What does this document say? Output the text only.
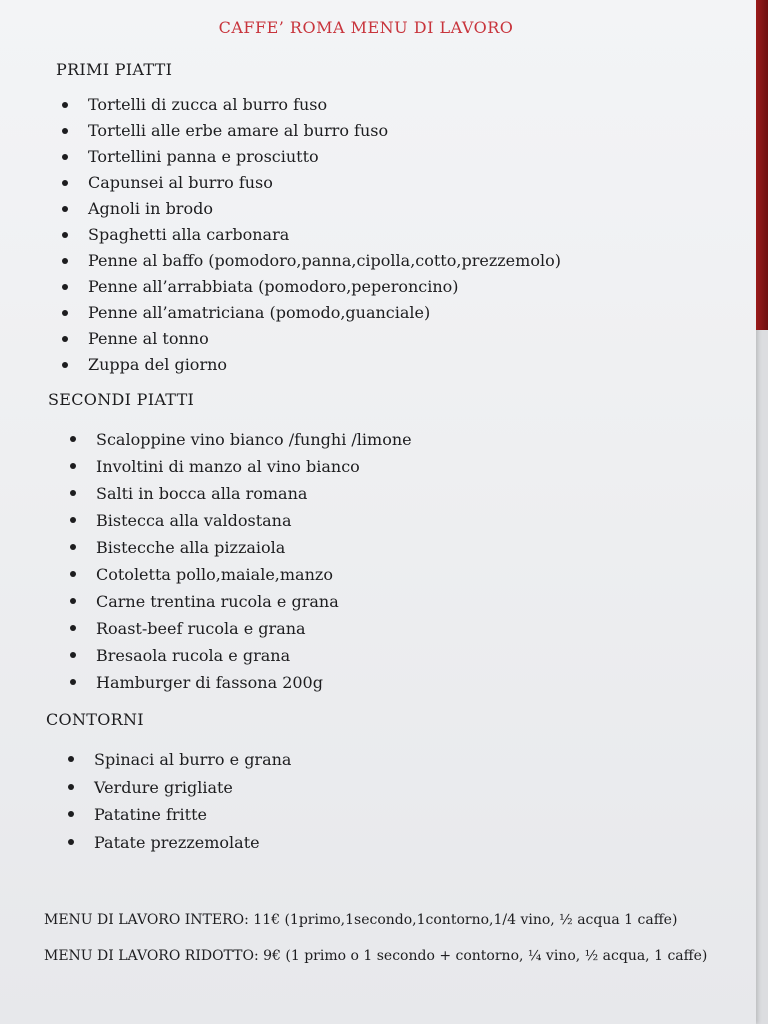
CAFFE’ ROMA MENU DI LAVORO
PRIMI PIATTI
Tortelli di zucca al burro fuso
Tortelli alle erbe amare al burro fuso
Tortellini panna e prosciutto
Capunsei al burro fuso
Agnoli in brodo
Spaghetti alla carbonara
Penne al baffo (pomodoro,panna,cipolla,cotto,prezzemolo)
Penne all’arrabbiata (pomodoro,peperoncino)
Penne all’amatriciana (pomodo,guanciale)
Penne al tonno
Zuppa del giorno
SECONDI PIATTI
Scaloppine vino bianco /funghi /limone
Involtini di manzo al vino bianco
Salti in bocca alla romana
Bistecca alla valdostana
Bistecche alla pizzaiola
Cotoletta pollo,maiale,manzo
Carne trentina rucola e grana
Roast-beef rucola e grana
Bresaola rucola e grana
Hamburger di fassona 200g
CONTORNI
Spinaci al burro e grana
Verdure grigliate
Patatine fritte
Patate prezzemolate
MENU DI LAVORO INTERO: 11€ (1primo,1secondo,1contorno,1/4 vino, ½ acqua 1 caffe)
MENU DI LAVORO RIDOTTO: 9€ (1 primo o 1 secondo + contorno, ¼ vino, ½ acqua, 1 caffe)
